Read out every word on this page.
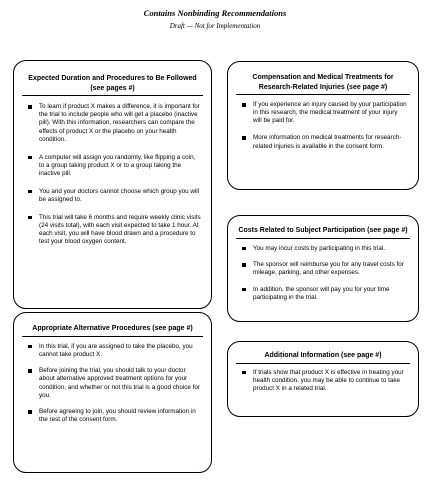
Contains Nonbinding Recommendations
Draft — Not for Implementation
Expected Duration and Procedures to Be Followed (see pages #)
To learn if product X makes a difference, it is important for the trial to include people who will get a placebo (inactive pill). With this information, researchers can compare the effects of product X or the placebo on your health condition.
A computer will assign you randomly, like flipping a coin, to a group taking product X or to a group taking the inactive pill.
You and your doctors cannot choose which group you will be assigned to.
This trial will take 6 months and require weekly clinic visits (24 visits total), with each visit expected to take 1 hour. At each visit, you will have blood drawn and a procedure to test your blood oxygen content.
Appropriate Alternative Procedures (see page #)
In this trial, if you are assigned to take the placebo, you cannot take product X.
Before joining the trial, you should talk to your doctor about alternative approved treatment options for your condition, and whether or not this trial is a good choice for you.
Before agreeing to join, you should review information in the rest of the consent form.
Compensation and Medical Treatments for Research-Related Injuries (see page #)
If you experience an injury caused by your participation in this research, the medical treatment of your injury will be paid for.
More information on medical treatments for research-related injuries is available in the consent form.
Costs Related to Subject Participation (see page #)
You may incur costs by participating in this trial.
The sponsor will reimburse you for any travel costs for mileage, parking, and other expenses.
In addition, the sponsor will pay you for your time participating in the trial.
Additional Information (see page #)
If trials show that product X is effective in treating your health condition, you may be able to continue to take product X in a related trial.
